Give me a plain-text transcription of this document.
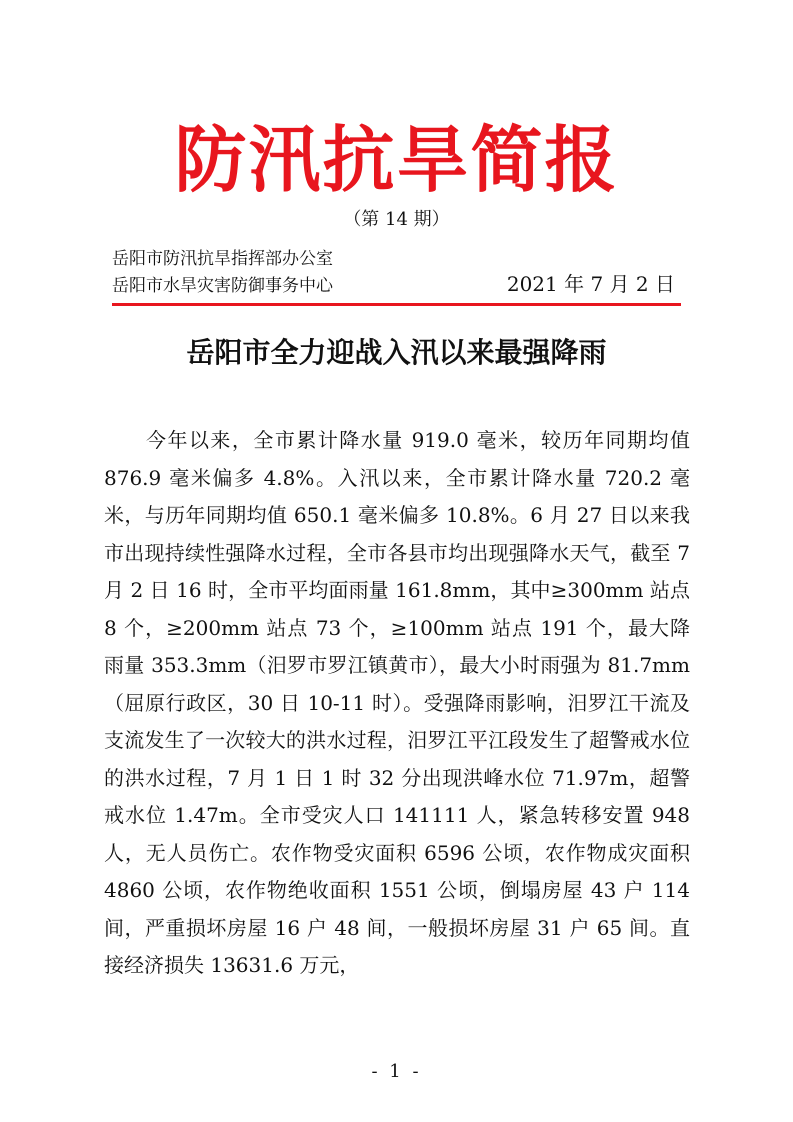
防汛抗旱简报
（第 14 期）
岳阳市防汛抗旱指挥部办公室
岳阳市水旱灾害防御事务中心	2021 年 7 月 2 日
岳阳市全力迎战入汛以来最强降雨

今年以来，全市累计降水量 919.0 毫米，较历年同期均值 876.9 毫米偏多 4.8%。入汛以来，全市累计降水量 720.2 毫米，与历年同期均值 650.1 毫米偏多 10.8%。6 月 27 日以来我市出现持续性强降水过程，全市各县市均出现强降水天气，截至 7 月 2 日 16 时，全市平均面雨量 161.8mm，其中≥300mm 站点 8 个，≥200mm 站点 73 个，≥100mm 站点 191 个，最大降雨量 353.3mm（汨罗市罗江镇黄市），最大小时雨强为 81.7mm（屈原行政区，30 日 10-11 时）。受强降雨影响，汨罗江干流及支流发生了一次较大的洪水过程，汨罗江平江段发生了超警戒水位的洪水过程，7 月 1 日 1 时 32 分出现洪峰水位 71.97m，超警戒水位 1.47m。全市受灾人口 141111 人，紧急转移安置 948 人，无人员伤亡。农作物受灾面积 6596 公顷，农作物成灾面积 4860 公顷，农作物绝收面积 1551 公顷，倒塌房屋 43 户 114 间，严重损坏房屋 16 户 48 间，一般损坏房屋 31 户 65 间。直接经济损失 13631.6 万元，

- 1 -
